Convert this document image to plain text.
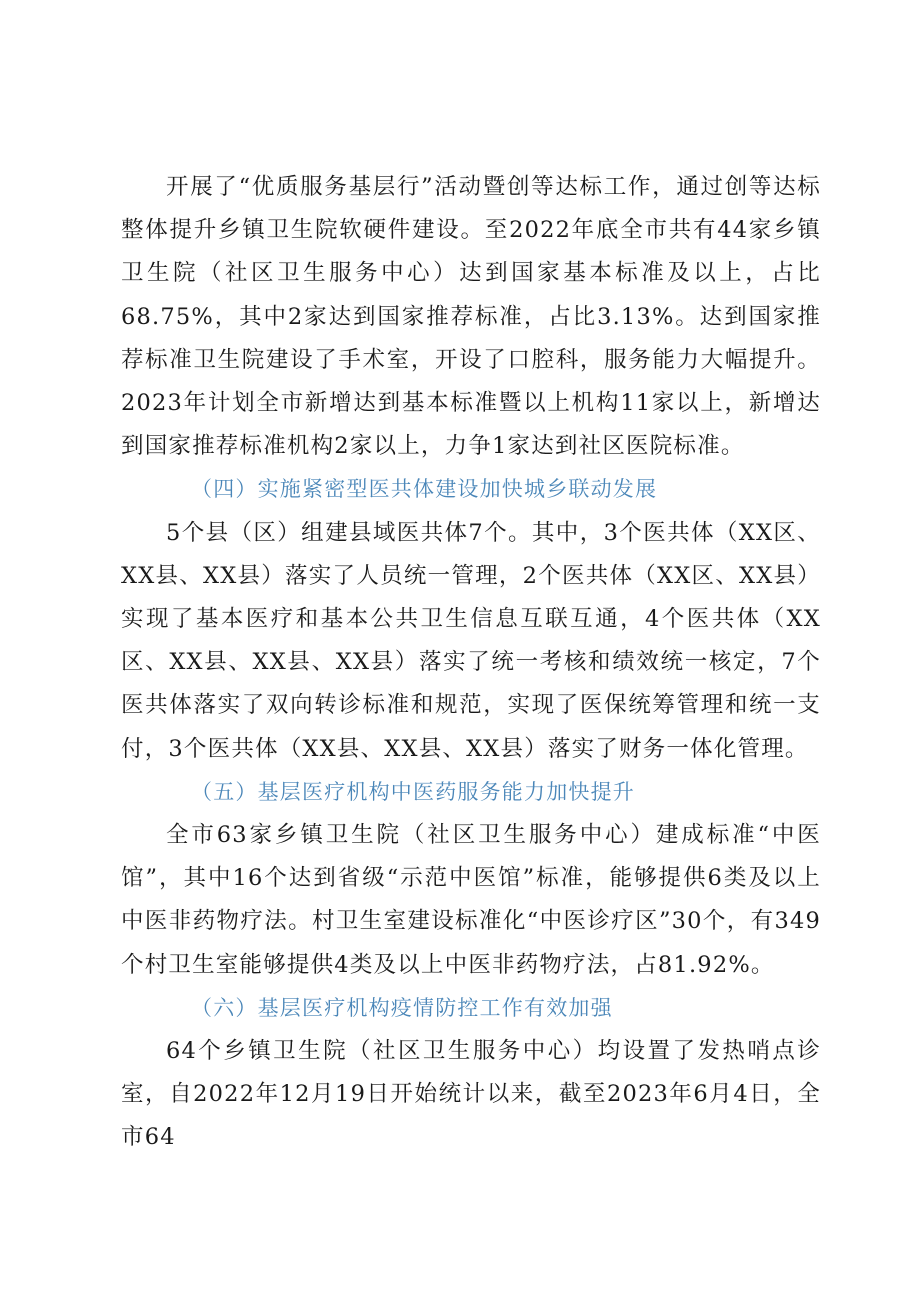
开展了“优质服务基层行”活动暨创等达标工作，通过创等达标整体提升乡镇卫生院软硬件建设。至2022年底全市共有44家乡镇卫生院（社区卫生服务中心）达到国家基本标准及以上，占比68.75%，其中2家达到国家推荐标准，占比3.13%。达到国家推荐标准卫生院建设了手术室，开设了口腔科，服务能力大幅提升。2023年计划全市新增达到基本标准暨以上机构11家以上，新增达到国家推荐标准机构2家以上，力争1家达到社区医院标准。

（四）实施紧密型医共体建设加快城乡联动发展

5个县（区）组建县域医共体7个。其中，3个医共体（XX区、XX县、XX县）落实了人员统一管理，2个医共体（XX区、XX县）实现了基本医疗和基本公共卫生信息互联互通，4个医共体（XX区、XX县、XX县、XX县）落实了统一考核和绩效统一核定，7个医共体落实了双向转诊标准和规范，实现了医保统筹管理和统一支付，3个医共体（XX县、XX县、XX县）落实了财务一体化管理。

（五）基层医疗机构中医药服务能力加快提升

全市63家乡镇卫生院（社区卫生服务中心）建成标准“中医馆”，其中16个达到省级“示范中医馆”标准，能够提供6类及以上中医非药物疗法。村卫生室建设标准化“中医诊疗区”30个，有349个村卫生室能够提供4类及以上中医非药物疗法，占81.92%。

（六）基层医疗机构疫情防控工作有效加强

64个乡镇卫生院（社区卫生服务中心）均设置了发热哨点诊室，自2022年12月19日开始统计以来，截至2023年6月4日，全市64
